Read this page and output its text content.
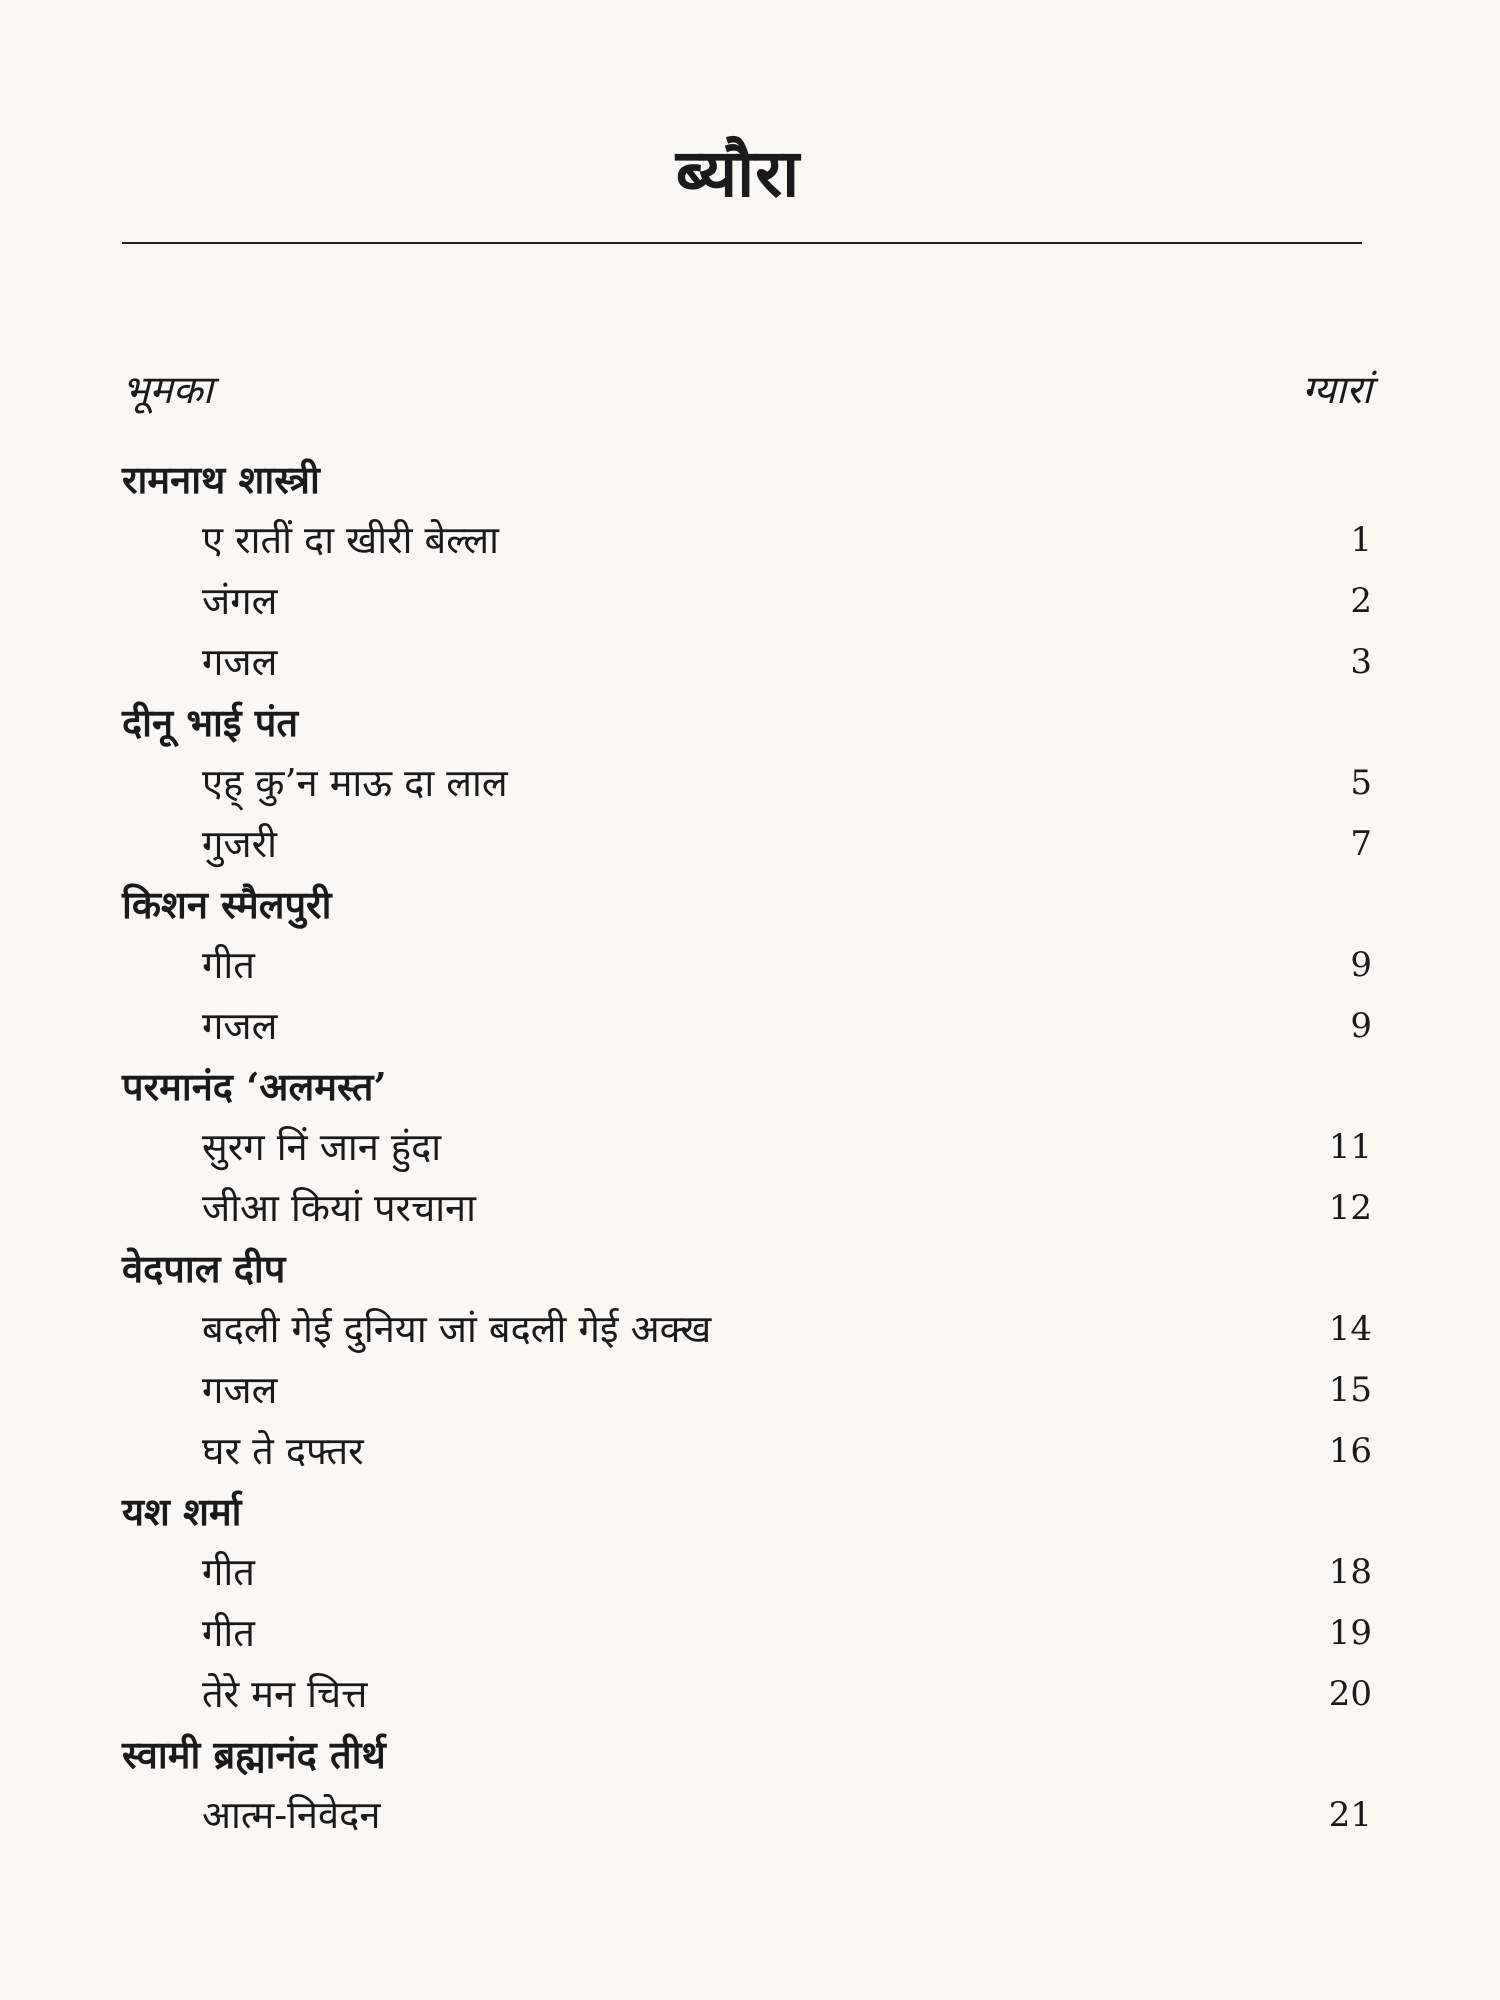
ब्यौरा
भूमका	ग्यारां
रामनाथ शास्त्री
ए रातीं दा खीरी बेल्ला	1
जंगल	2
गजल	3
दीनू भाई पंत
एह् कु’न माऊ दा लाल	5
गुजरी	7
किशन स्मैलपुरी
गीत	9
गजल	9
परमानंद ‘अलमस्त’
सुरग निं जान हुंदा	11
जीआ कियां परचाना	12
वेदपाल दीप
बदली गेई दुनिया जां बदली गेई अक्ख	14
गजल	15
घर ते दफ्तर	16
यश शर्मा
गीत	18
गीत	19
तेरे मन चित्त	20
स्वामी ब्रह्मानंद तीर्थ
आत्म-निवेदन	21
